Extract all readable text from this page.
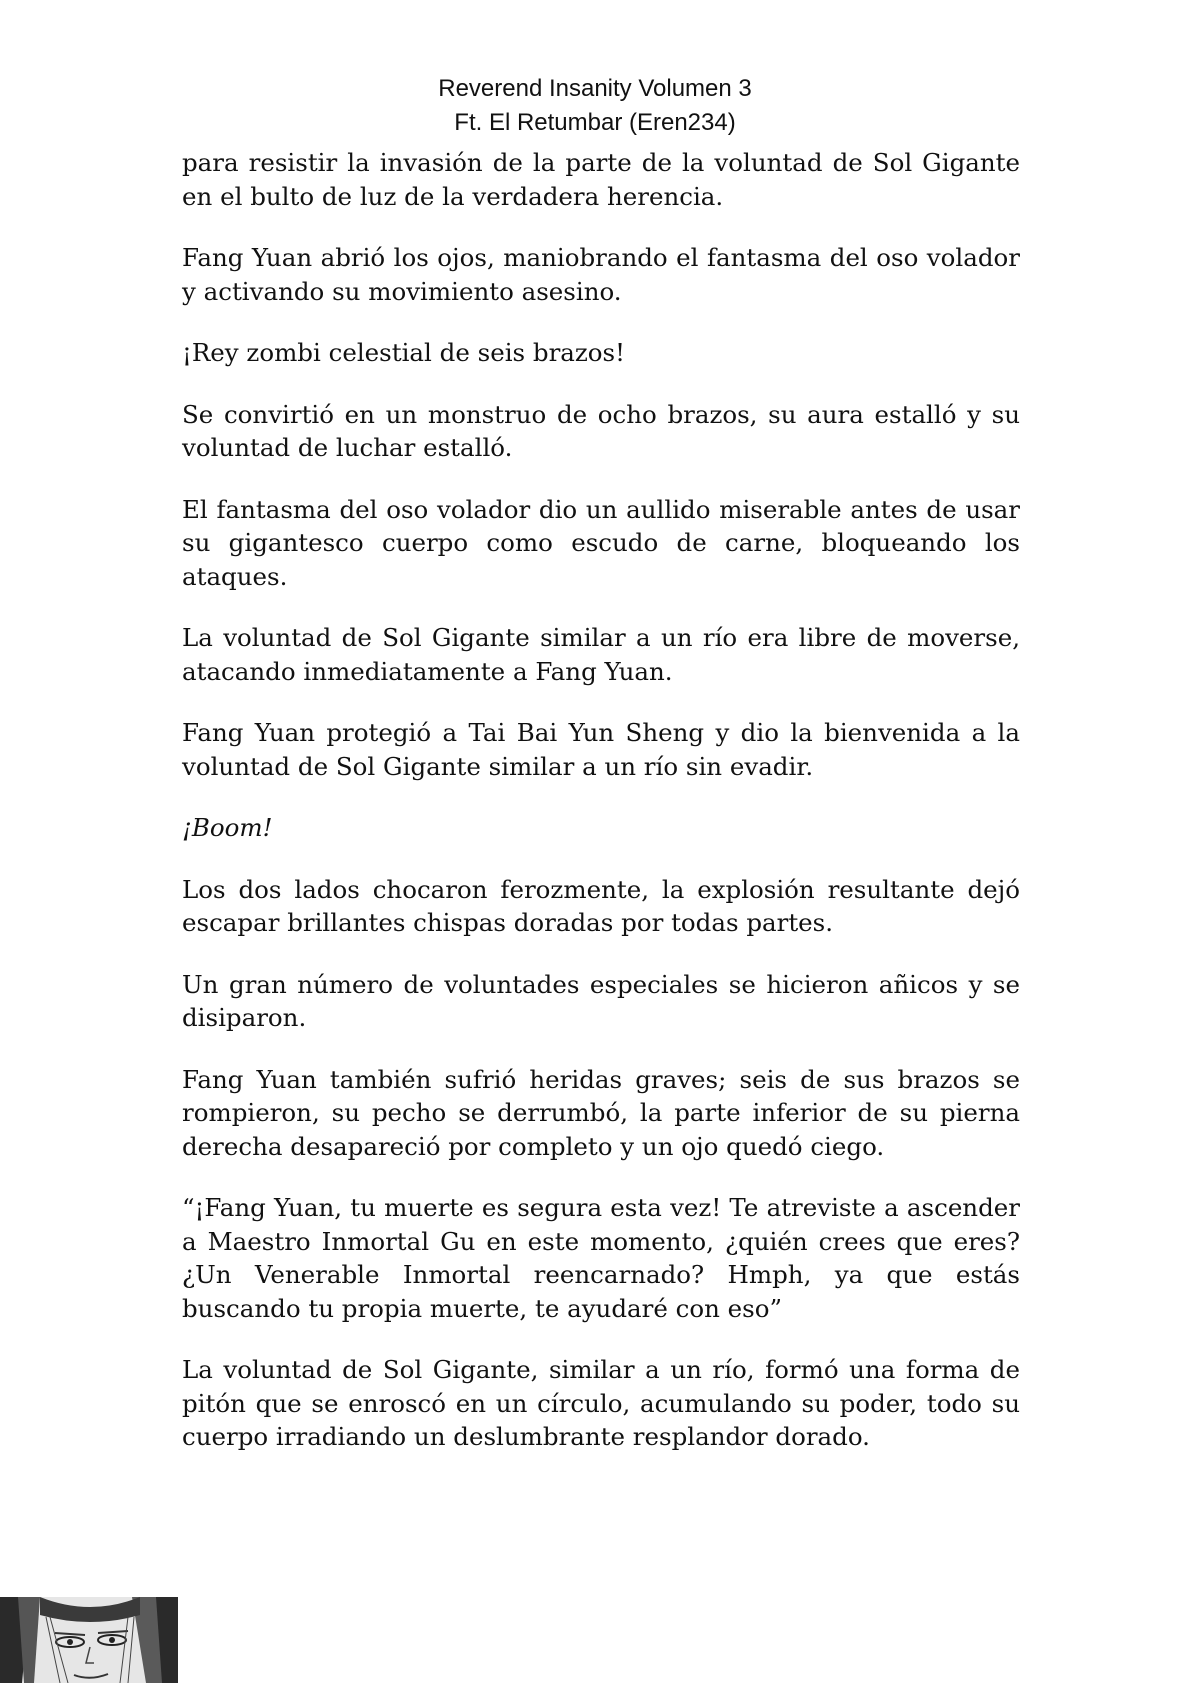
Reverend Insanity Volumen 3
Ft. El Retumbar (Eren234)

para resistir la invasión de la parte de la voluntad de Sol Gigante en el bulto de luz de la verdadera herencia.

Fang Yuan abrió los ojos, maniobrando el fantasma del oso volador y activando su movimiento asesino.

¡Rey zombi celestial de seis brazos!

Se convirtió en un monstruo de ocho brazos, su aura estalló y su voluntad de luchar estalló.

El fantasma del oso volador dio un aullido miserable antes de usar su gigantesco cuerpo como escudo de carne, bloqueando los ataques.

La voluntad de Sol Gigante similar a un río era libre de moverse, atacando inmediatamente a Fang Yuan.

Fang Yuan protegió a Tai Bai Yun Sheng y dio la bienvenida a la voluntad de Sol Gigante similar a un río sin evadir.

¡Boom!

Los dos lados chocaron ferozmente, la explosión resultante dejó escapar brillantes chispas doradas por todas partes.

Un gran número de voluntades especiales se hicieron añicos y se disiparon.

Fang Yuan también sufrió heridas graves; seis de sus brazos se rompieron, su pecho se derrumbó, la parte inferior de su pierna derecha desapareció por completo y un ojo quedó ciego.

“¡Fang Yuan, tu muerte es segura esta vez! Te atreviste a ascender a Maestro Inmortal Gu en este momento, ¿quién crees que eres? ¿Un Venerable Inmortal reencarnado? Hmph, ya que estás buscando tu propia muerte, te ayudaré con eso”

La voluntad de Sol Gigante, similar a un río, formó una forma de pitón que se enroscó en un círculo, acumulando su poder, todo su cuerpo irradiando un deslumbrante resplandor dorado.
